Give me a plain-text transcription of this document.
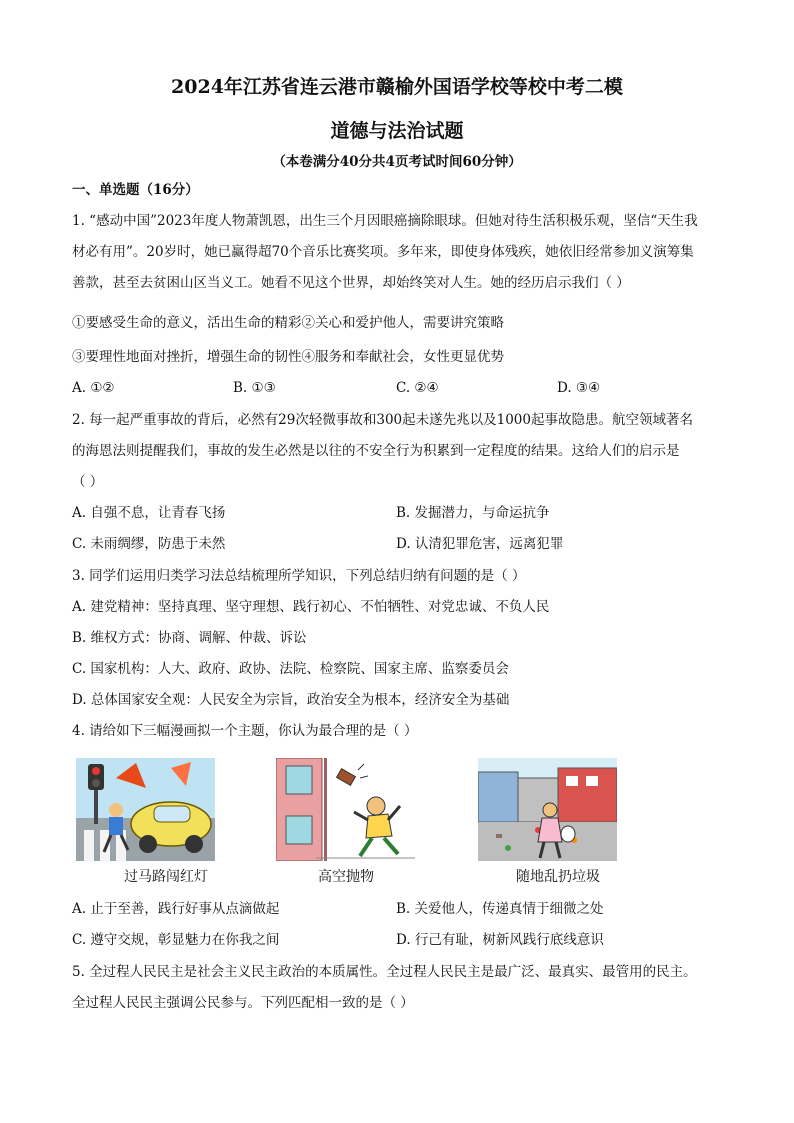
2024年江苏省连云港市赣榆外国语学校等校中考二模
道德与法治试题
（本卷满分40分共4页考试时间60分钟）
一、单选题（16分）
1. “感动中国”2023年度人物萧凯恩，出生三个月因眼癌摘除眼球。但她对待生活积极乐观，坚信“天生我
材必有用”。20岁时，她已赢得超70个音乐比赛奖项。多年来，即使身体残疾，她依旧经常参加义演筹集
善款，甚至去贫困山区当义工。她看不见这个世界，却始终笑对人生。她的经历启示我们（ ）
①要感受生命的意义，活出生命的精彩②关心和爱护他人，需要讲究策略
③要理性地面对挫折，增强生命的韧性④服务和奉献社会，女性更显优势
A. ①②	B. ①③	C. ②④	D. ③④
2. 每一起严重事故的背后，必然有29次轻微事故和300起未遂先兆以及1000起事故隐患。航空领域著名
的海恩法则提醒我们，事故的发生必然是以往的不安全行为积累到一定程度的结果。这给人们的启示是
（ ）
A. 自强不息，让青春飞扬	B. 发掘潜力，与命运抗争
C. 未雨绸缪，防患于未然	D. 认清犯罪危害，远离犯罪
3. 同学们运用归类学习法总结梳理所学知识，下列总结归纳有问题的是（ ）
A. 建党精神：坚持真理、坚守理想、践行初心、不怕牺牲、对党忠诚、不负人民
B. 维权方式：协商、调解、仲裁、诉讼
C. 国家机构：人大、政府、政协、法院、检察院、国家主席、监察委员会
D. 总体国家安全观：人民安全为宗旨，政治安全为根本，经济安全为基础
4. 请给如下三幅漫画拟一个主题，你认为最合理的是（ ）
过马路闯红灯	高空抛物	随地乱扔垃圾
A. 止于至善，践行好事从点滴做起	B. 关爱他人，传递真情于细微之处
C. 遵守交规，彰显魅力在你我之间	D. 行己有耻，树新风践行底线意识
5. 全过程人民民主是社会主义民主政治的本质属性。全过程人民民主是最广泛、最真实、最管用的民主。
全过程人民民主强调公民参与。下列匹配相一致的是（ ）
